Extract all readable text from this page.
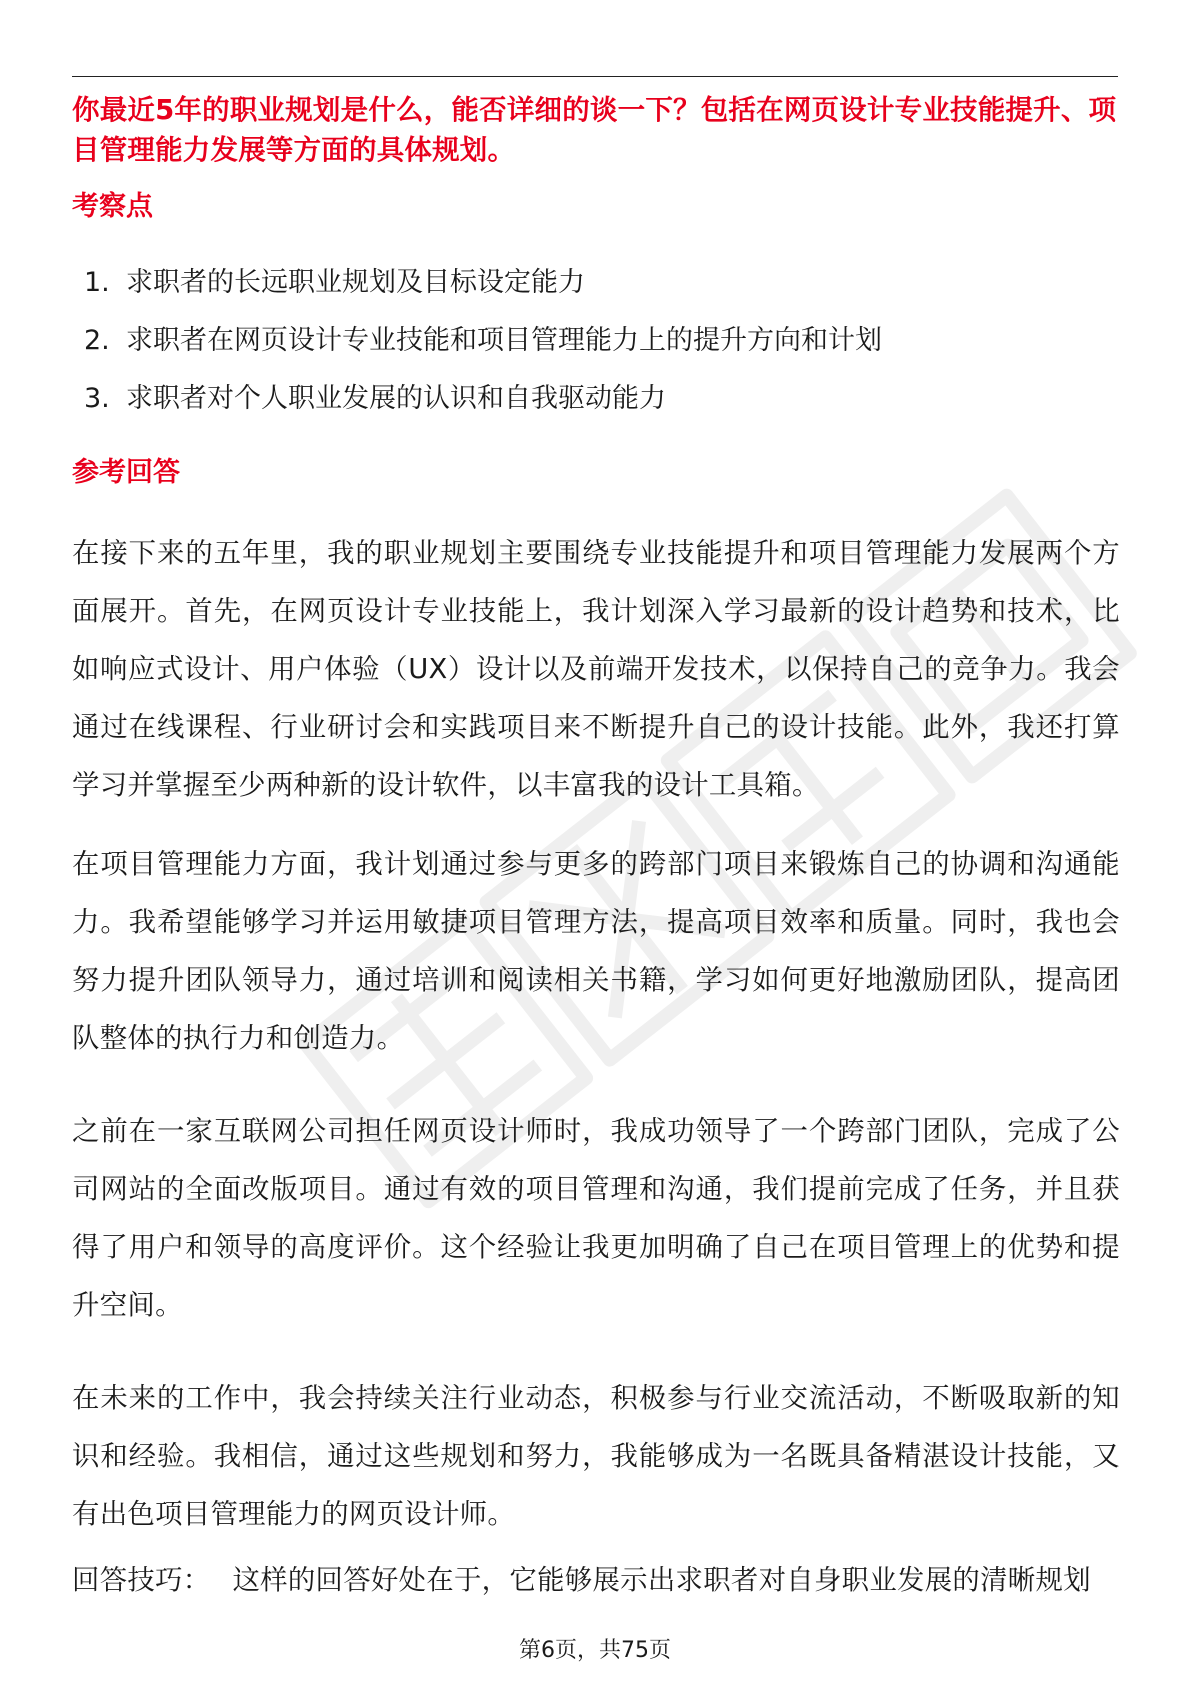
你最近5年的职业规划是什么，能否详细的谈一下？包括在网页设计专业技能提升、项目管理能力发展等方面的具体规划。
考察点
1. 求职者的长远职业规划及目标设定能力
2. 求职者在网页设计专业技能和项目管理能力上的提升方向和计划
3. 求职者对个人职业发展的认识和自我驱动能力
参考回答

在接下来的五年里，我的职业规划主要围绕专业技能提升和项目管理能力发展两个方面展开。首先，在网页设计专业技能上，我计划深入学习最新的设计趋势和技术，比如响应式设计、用户体验（UX）设计以及前端开发技术，以保持自己的竞争力。我会通过在线课程、行业研讨会和实践项目来不断提升自己的设计技能。此外，我还打算学习并掌握至少两种新的设计软件，以丰富我的设计工具箱。

在项目管理能力方面，我计划通过参与更多的跨部门项目来锻炼自己的协调和沟通能力。我希望能够学习并运用敏捷项目管理方法，提高项目效率和质量。同时，我也会努力提升团队领导力，通过培训和阅读相关书籍，学习如何更好地激励团队，提高团队整体的执行力和创造力。

之前在一家互联网公司担任网页设计师时，我成功领导了一个跨部门团队，完成了公司网站的全面改版项目。通过有效的项目管理和沟通，我们提前完成了任务，并且获得了用户和领导的高度评价。这个经验让我更加明确了自己在项目管理上的优势和提升空间。

在未来的工作中，我会持续关注行业动态，积极参与行业交流活动，不断吸取新的知识和经验。我相信，通过这些规划和努力，我能够成为一名既具备精湛设计技能，又有出色项目管理能力的网页设计师。

回答技巧： 这样的回答好处在于，它能够展示出求职者对自身职业发展的清晰规划

第6页，共75页
